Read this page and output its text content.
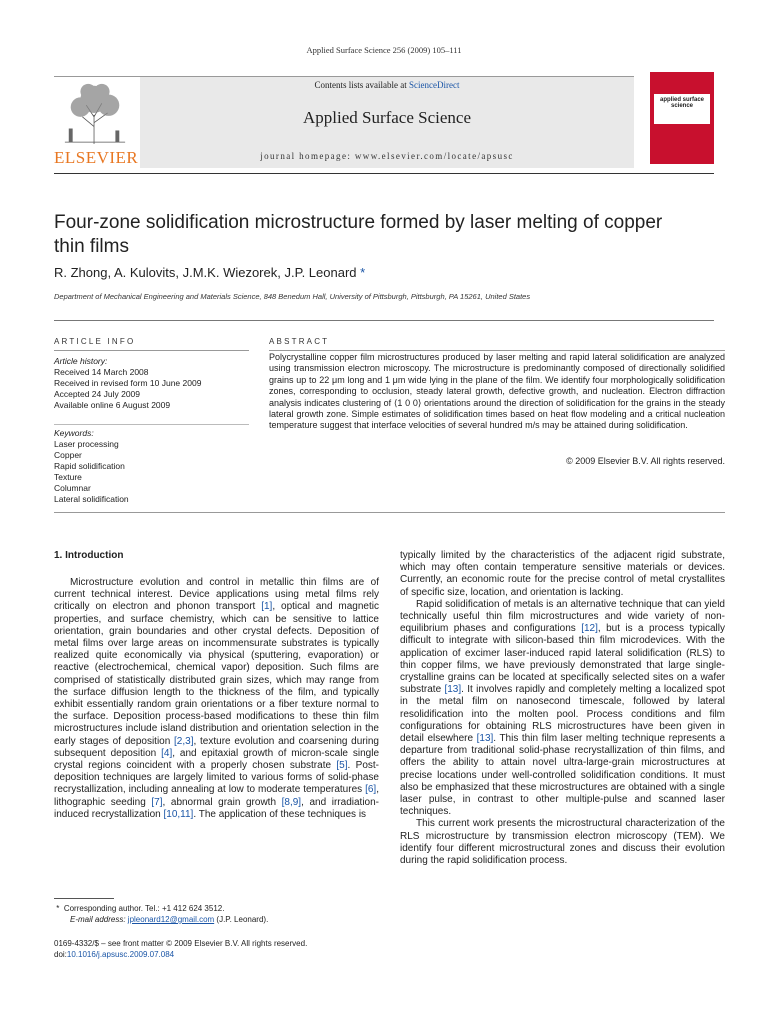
Applied Surface Science 256 (2009) 105–111
Contents lists available at ScienceDirect
Applied Surface Science
journal homepage: www.elsevier.com/locate/apsusc
ELSEVIER
applied surface science
Four-zone solidification microstructure formed by laser melting of copper thin films
R. Zhong, A. Kulovits, J.M.K. Wiezorek, J.P. Leonard *
Department of Mechanical Engineering and Materials Science, 848 Benedum Hall, University of Pittsburgh, Pittsburgh, PA 15261, United States
ARTICLE INFO	ABSTRACT
Article history:
Received 14 March 2008
Received in revised form 10 June 2009
Accepted 24 July 2009
Available online 6 August 2009
Keywords:
Laser processing
Copper
Rapid solidification
Texture
Columnar
Lateral solidification
Polycrystalline copper film microstructures produced by laser melting and rapid lateral solidification are analyzed using transmission electron microscopy. The microstructure is predominantly composed of directionally solidified grains up to 22 μm long and 1 μm wide lying in the plane of the film. We identify four morphologically solidification zones, corresponding to occlusion, steady lateral growth, defective growth, and nucleation. Electron diffraction analysis indicates clustering of ⟨1 0 0⟩ orientations around the direction of solidification for the grains in the steady lateral growth zone. Simple estimates of solidification times based on heat flow modeling and a critical nucleation temperature suggest that interface velocities of several hundred m/s may be attained during solidification.
© 2009 Elsevier B.V. All rights reserved.
1. Introduction

Microstructure evolution and control in metallic thin films are of current technical interest. Device applications using metal films rely critically on electron and phonon transport [1], optical and magnetic properties, and surface chemistry, which can be sensitive to lattice orientation, grain boundaries and other crystal defects. Deposition of metal films over large areas on incommensurate substrates is typically realized quite economically via physical (sputtering, evaporation) or reactive (electrochemical, chemical vapor) deposition. Such films are comprised of statistically distributed grain sizes, which may range from the surface diffusion length to the thickness of the film, and typically exhibit essentially random grain orientations or a fiber texture normal to the surface. Deposition process-based modifications to these thin film microstructures include island distribution and orientation selection in the early stages of deposition [2,3], texture evolution and coarsening during subsequent deposition [4], and epitaxial growth of micron-scale single crystal regions coincident with a properly chosen substrate [5]. Post-deposition techniques are largely limited to various forms of solid-phase recrystallization, including annealing at low to moderate temperatures [6], lithographic seeding [7], abnormal grain growth [8,9], and irradiation-induced recrystallization [10,11]. The application of these techniques is

typically limited by the characteristics of the adjacent rigid substrate, which may often contain temperature sensitive materials or devices. Currently, an economic route for the precise control of metal crystallites of specific size, location, and orientation is lacking.

Rapid solidification of metals is an alternative technique that can yield technically useful thin film microstructures and wide variety of non-equilibrium phases and configurations [12], but is a process typically difficult to integrate with silicon-based thin film microdevices. With the application of excimer laser-induced rapid lateral solidification (RLS) to thin copper films, we have previously demonstrated that large single-crystalline grains can be located at specifically selected sites on a wafer substrate [13]. It involves rapidly and completely melting a localized spot in the metal film on nanosecond timescale, followed by lateral resolidification into the molten pool. Process conditions and film configurations for obtaining RLS microstructures have been given in detail elsewhere [13]. This thin film laser melting technique represents a departure from traditional solid-phase recrystallization of thin films, and offers the ability to attain novel ultra-large-grain microstructures at precise locations under well-controlled solidification conditions. It must also be emphasized that these microstructures are obtained with a single laser pulse, in contrast to other multiple-pulse and scanned laser techniques.

This current work presents the microstructural characterization of the RLS microstructure by transmission electron microscopy (TEM). We identify four different microstructural zones and discuss their evolution during the rapid solidification process.

* Corresponding author. Tel.: +1 412 624 3512.
E-mail address: jpleonard12@gmail.com (J.P. Leonard).
0169-4332/$ – see front matter © 2009 Elsevier B.V. All rights reserved.
doi:10.1016/j.apsusc.2009.07.084
